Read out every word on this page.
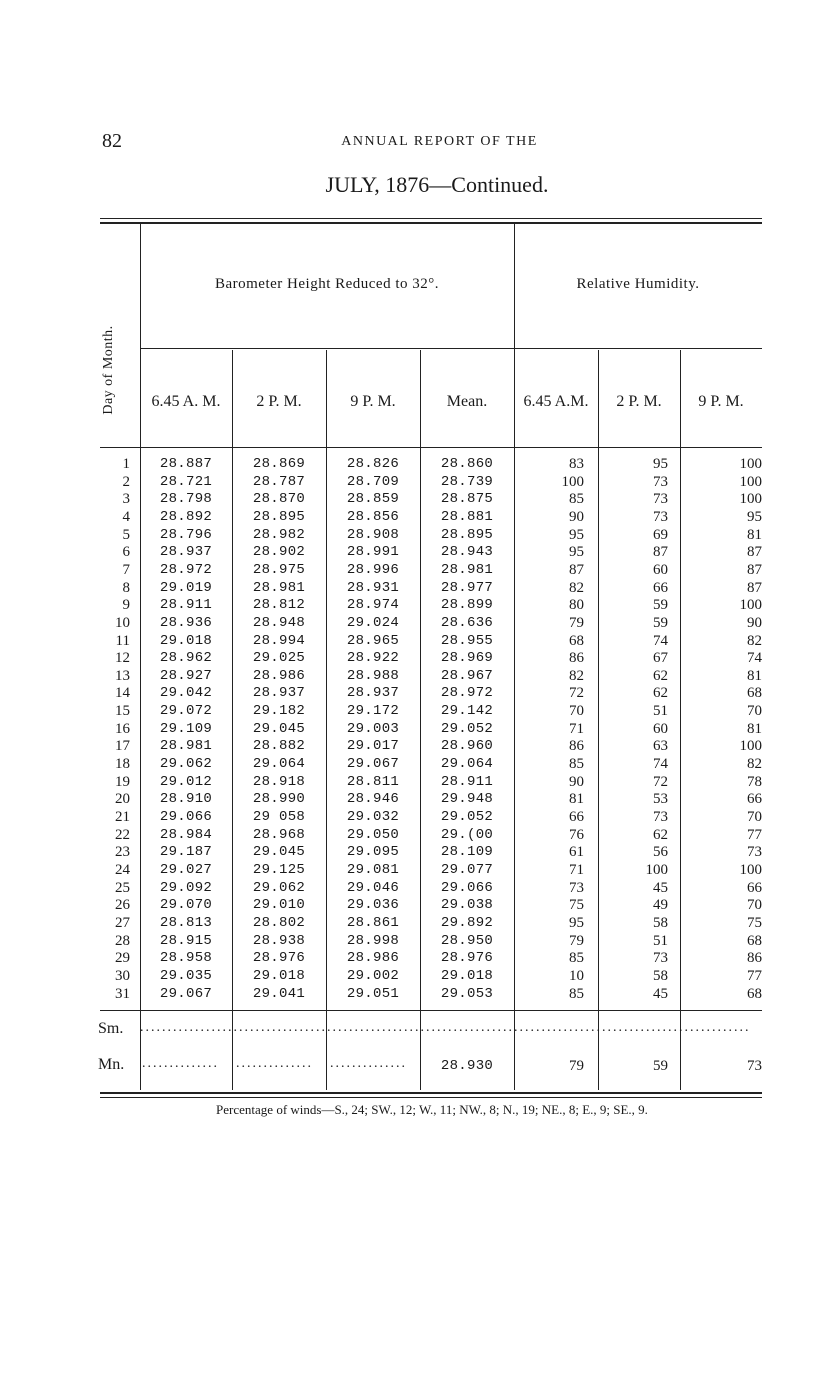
82	ANNUAL REPORT OF THE
JULY, 1876—Continued.
Barometer Height Reduced to 32°.	Relative Humidity.
Day of Month.	6.45 A. M.	2 P. M.	9 P. M.	Mean.	6.45 A.M.	2 P. M.	9 P. M.
1	28.887	28.869	28.826	28.860	83	95	100
2	28.721	28.787	28.709	28.739	100	73	100
3	28.798	28.870	28.859	28.875	85	73	100
4	28.892	28.895	28.856	28.881	90	73	95
5	28.796	28.982	28.908	28.895	95	69	81
6	28.937	28.902	28.991	28.943	95	87	87
7	28.972	28.975	28.996	28.981	87	60	87
8	29.019	28.981	28.931	28.977	82	66	87
9	28.911	28.812	28.974	28.899	80	59	100
10	28.936	28.948	29.024	28.636	79	59	90
11	29.018	28.994	28.965	28.955	68	74	82
12	28.962	29.025	28.922	28.969	86	67	74
13	28.927	28.986	28.988	28.967	82	62	81
14	29.042	28.937	28.937	28.972	72	62	68
15	29.072	29.182	29.172	29.142	70	51	70
16	29.109	29.045	29.003	29.052	71	60	81
17	28.981	28.882	29.017	28.960	86	63	100
18	29.062	29.064	29.067	29.064	85	74	82
19	29.012	28.918	28.811	28.911	90	72	78
20	28.910	28.990	28.946	29.948	81	53	66
21	29.066	29 058	29.032	29.052	66	73	70
22	28.984	28.968	29.050	29.(00	76	62	77
23	29.187	29.045	29.095	28.109	61	56	73
24	29.027	29.125	29.081	29.077	71	100	100
25	29.092	29.062	29.046	29.066	73	45	66
26	29.070	29.010	29.036	29.038	75	49	70
27	28.813	28.802	28.861	29.892	95	58	75
28	28.915	28.938	28.998	28.950	79	51	68
29	28.958	28.976	28.986	28.976	85	73	86
30	29.035	29.018	29.002	29.018	10	58	77
31	29.067	29.041	29.051	29.053	85	45	68
Sm. ...............................................................................................................
Mn. ..............	..............	..............	28.930	79	59	73
Percentage of winds—S., 24; SW., 12; W., 11; NW., 8; N., 19; NE., 8; E., 9; SE., 9.
